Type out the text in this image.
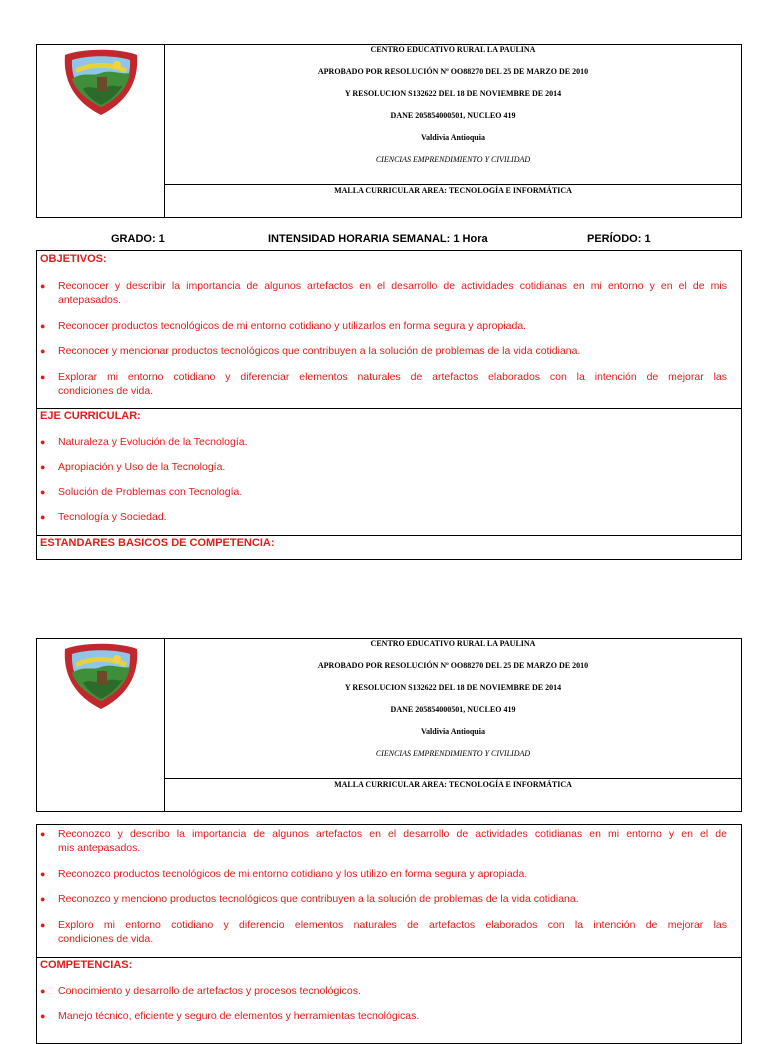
CENTRO EDUCATIVO RURAL LA PAULINA
APROBADO POR RESOLUCIÓN Nº OO88270 DEL 25 DE MARZO DE 2010
Y RESOLUCION S132622 DEL 18 DE NOVIEMBRE DE 2014
DANE 205854000501, NUCLEO 419
Valdivia Antioquia
CIENCIAS EMPRENDIMIENTO Y CIVILIDAD
MALLA CURRICULAR AREA: TECNOLOGÍA E INFORMÁTICA
GRADO: 1	INTENSIDAD HORARIA SEMANAL: 1 Hora	PERÍODO: 1
OBJETIVOS:
● Reconocer y describir la importancia de algunos artefactos en el desarrollo de actividades cotidianas en mi entorno y en el de mis
antepasados.
● Reconocer productos tecnológicos de mi entorno cotidiano y utilizarlos en forma segura y apropiada.
● Reconocer y mencionar productos tecnológicos que contribuyen a la solución de problemas de la vida cotidiana.
● Explorar mi entorno cotidiano y diferenciar elementos naturales de artefactos elaborados con la intención de mejorar las
condiciones de vida.
EJE CURRICULAR:
● Naturaleza y Evolución de la Tecnología.
● Apropiación y Uso de la Tecnología.
● Solución de Problemas con Tecnología.
● Tecnología y Sociedad.
ESTANDARES BASICOS DE COMPETENCIA:
CENTRO EDUCATIVO RURAL LA PAULINA
APROBADO POR RESOLUCIÓN Nº OO88270 DEL 25 DE MARZO DE 2010
Y RESOLUCION S132622 DEL 18 DE NOVIEMBRE DE 2014
DANE 205854000501, NUCLEO 419
Valdivia Antioquia
CIENCIAS EMPRENDIMIENTO Y CIVILIDAD
MALLA CURRICULAR AREA: TECNOLOGÍA E INFORMÁTICA
● Reconozco y describo la importancia de algunos artefactos en el desarrollo de actividades cotidianas en mi entorno y en el de
mis antepasados.
● Reconozco productos tecnológicos de mi entorno cotidiano y los utilizo en forma segura y apropiada.
● Reconozco y menciono productos tecnológicos que contribuyen a la solución de problemas de la vida cotidiana.
● Exploro mi entorno cotidiano y diferencio elementos naturales de artefactos elaborados con la intención de mejorar las
condiciones de vida.
COMPETENCIAS:
● Conocimiento y desarrollo de artefactos y procesos tecnológicos.
● Manejo técnico, eficiente y seguro de elementos y herramientas tecnológicas.
